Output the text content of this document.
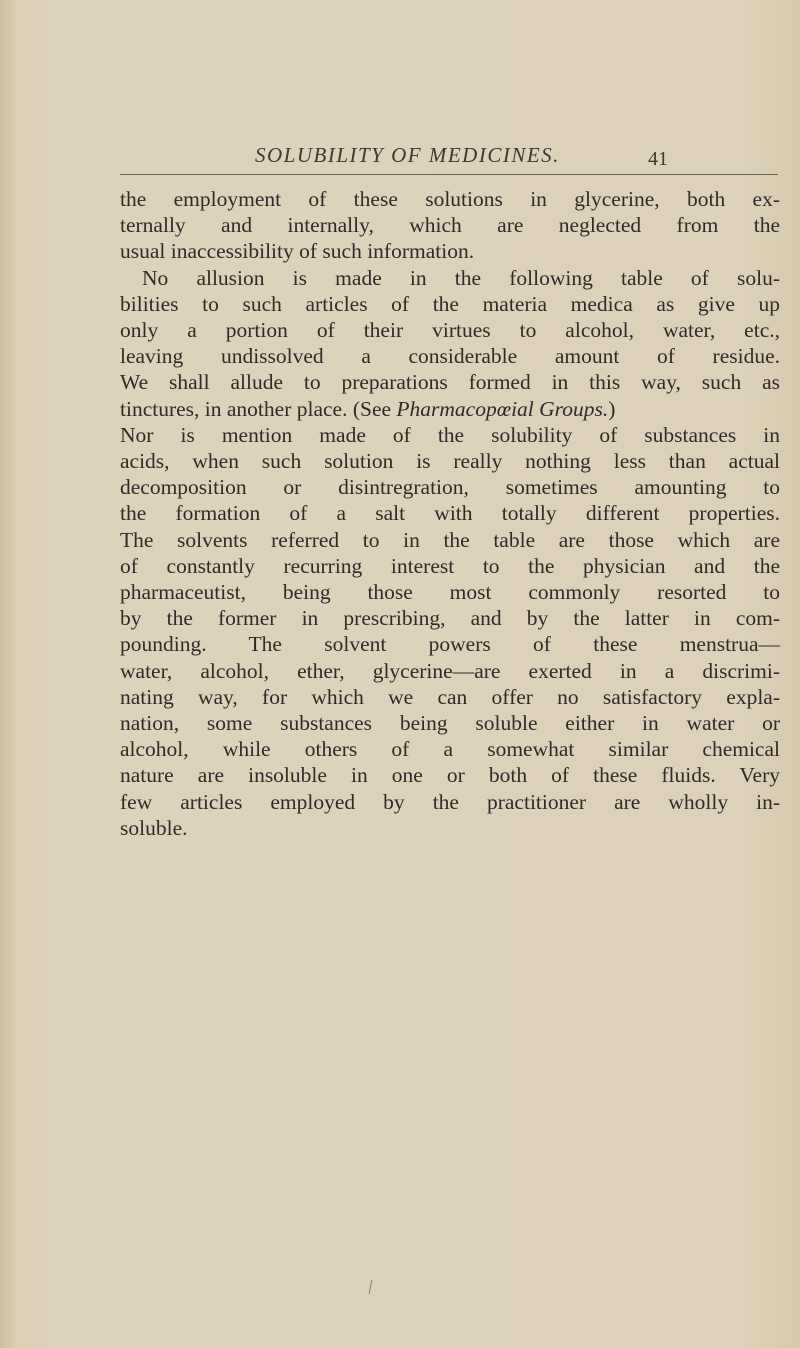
SOLUBILITY OF MEDICINES.	41
the employment of these solutions in glycerine, both ex-
ternally and internally, which are neglected from the
usual inaccessibility of such information.
No allusion is made in the following table of solu-
bilities to such articles of the materia medica as give up
only a portion of their virtues to alcohol, water, etc.,
leaving undissolved a considerable amount of residue.
We shall allude to preparations formed in this way, such as
tinctures, in another place. (See Pharmacopœial Groups.)
Nor is mention made of the solubility of substances in
acids, when such solution is really nothing less than actual
decomposition or disintregration, sometimes amounting to
the formation of a salt with totally different properties.
The solvents referred to in the table are those which are
of constantly recurring interest to the physician and the
pharmaceutist, being those most commonly resorted to
by the former in prescribing, and by the latter in com-
pounding. The solvent powers of these menstrua—
water, alcohol, ether, glycerine—are exerted in a discrimi-
nating way, for which we can offer no satisfactory expla-
nation, some substances being soluble either in water or
alcohol, while others of a somewhat similar chemical
nature are insoluble in one or both of these fluids. Very
few articles employed by the practitioner are wholly in-
soluble.
